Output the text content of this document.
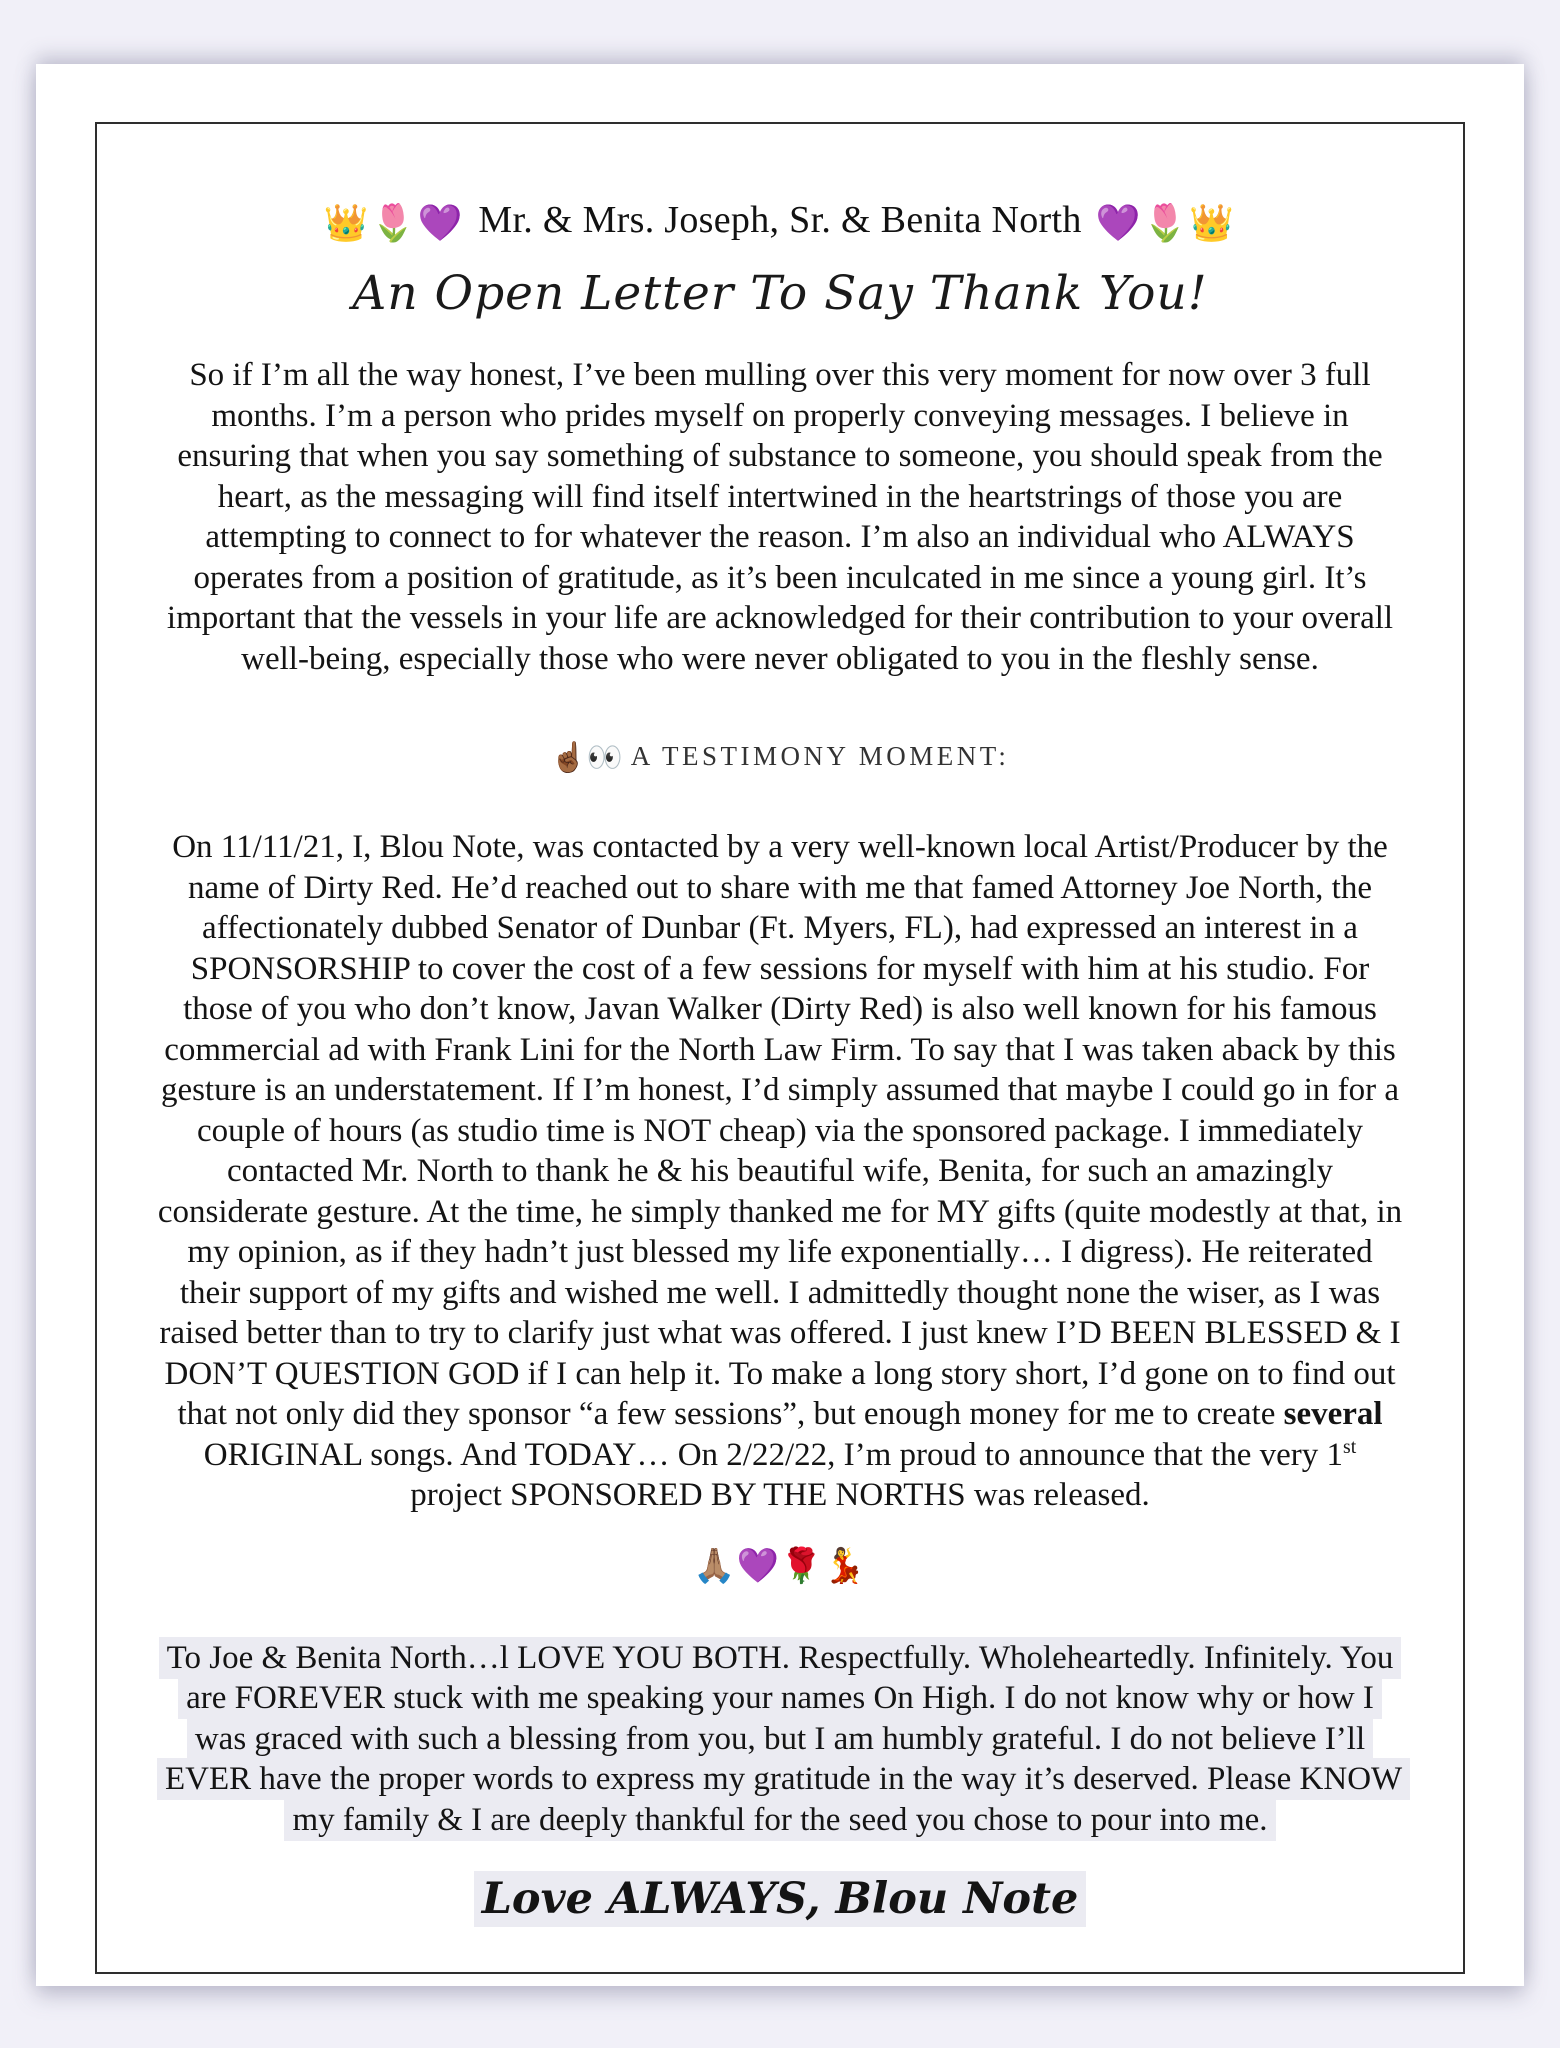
👑🌷💜 Mr. & Mrs. Joseph, Sr. & Benita North 💜🌷👑
An Open Letter To Say Thank You!

So if I’m all the way honest, I’ve been mulling over this very moment for now over 3 full months. I’m a person who prides myself on properly conveying messages. I believe in ensuring that when you say something of substance to someone, you should speak from the heart, as the messaging will find itself intertwined in the heartstrings of those you are attempting to connect to for whatever the reason. I’m also an individual who ALWAYS operates from a position of gratitude, as it’s been inculcated in me since a young girl. It’s important that the vessels in your life are acknowledged for their contribution to your overall well-being, especially those who were never obligated to you in the fleshly sense.

☝🏾👀 A TESTIMONY MOMENT:

On 11/11/21, I, Blou Note, was contacted by a very well-known local Artist/Producer by the name of Dirty Red. He’d reached out to share with me that famed Attorney Joe North, the affectionately dubbed Senator of Dunbar (Ft. Myers, FL), had expressed an interest in a SPONSORSHIP to cover the cost of a few sessions for myself with him at his studio. For those of you who don’t know, Javan Walker (Dirty Red) is also well known for his famous commercial ad with Frank Lini for the North Law Firm. To say that I was taken aback by this gesture is an understatement. If I’m honest, I’d simply assumed that maybe I could go in for a couple of hours (as studio time is NOT cheap) via the sponsored package. I immediately contacted Mr. North to thank he & his beautiful wife, Benita, for such an amazingly considerate gesture. At the time, he simply thanked me for MY gifts (quite modestly at that, in my opinion, as if they hadn’t just blessed my life exponentially… I digress). He reiterated their support of my gifts and wished me well. I admittedly thought none the wiser, as I was raised better than to try to clarify just what was offered. I just knew I’D BEEN BLESSED & I DON’T QUESTION GOD if I can help it. To make a long story short, I’d gone on to find out that not only did they sponsor “a few sessions”, but enough money for me to create several ORIGINAL songs. And TODAY… On 2/22/22, I’m proud to announce that the very 1st project SPONSORED BY THE NORTHS was released.

🙏🏽💜🌹💃

To Joe & Benita North…l LOVE YOU BOTH. Respectfully. Wholeheartedly. Infinitely. You are FOREVER stuck with me speaking your names On High. I do not know why or how I was graced with such a blessing from you, but I am humbly grateful. I do not believe I’ll EVER have the proper words to express my gratitude in the way it’s deserved. Please KNOW my family & I are deeply thankful for the seed you chose to pour into me.

Love ALWAYS, Blou Note
